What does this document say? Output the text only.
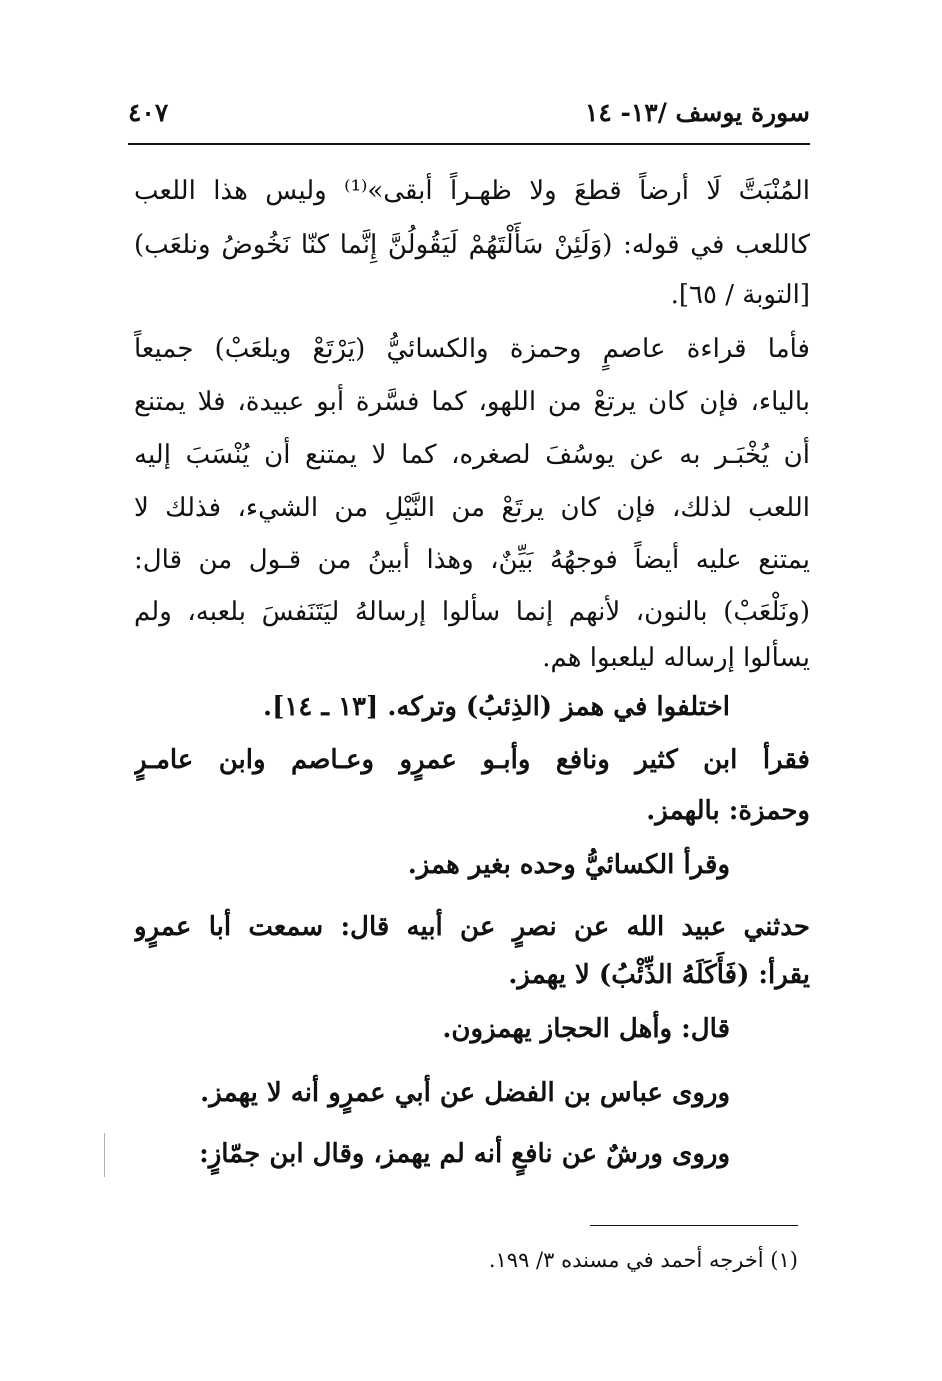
سورة يوسف /١٣- ١٤
٤٠٧
المُنْبَتَّ لَا أرضاً قطعَ ولا ظهـراً أبقى»⁽¹⁾ وليس هذا اللعب
كاللعب في قوله: (وَلَئِنْ سَأَلْتَهُمْ لَيَقُولُنَّ إِنَّما كنّا نَخُوضُ ونلعَب)
[التوبة / ٦٥].
فأما قراءة عاصمٍ وحمزة والكسائيُّ (يَرْتَعْ ويلعَبْ) جميعاً
بالياء، فإن كان يرتعْ من اللهو، كما فسَّرة أبو عبيدة، فلا يمتنع
أن يُخْبَـر به عن يوسُفَ لصغره، كما لا يمتنع أن يُنْسَبَ إليه
اللعب لذلك، فإن كان يرتَعْ من النَّيْلِ من الشيء، فذلك لا
يمتنع عليه أيضاً فوجهُهُ بَيِّنٌ، وهذا أبينُ من قـول من قال:
(ونَلْعَبْ) بالنون، لأنهم إنما سألوا إرسالهُ ليَتَنَفسَ بلعبه، ولم
يسألوا إرساله ليلعبوا هم.
اختلفوا في همز (الذِئبُ) وتركه. [١٣ ـ ١٤].
فقرأ ابن كثير ونافع وأبـو عمرٍو وعـاصم وابن عامـرٍ
وحمزة: بالهمز.
وقرأ الكسائيُّ وحده بغير همز.
حدثني عبيد الله عن نصرٍ عن أبيه قال: سمعت أبا عمرٍو
يقرأ: (فَأَكَلَهُ الذِّئْبُ) لا يهمز.
قال: وأهل الحجاز يهمزون.
وروى عباس بن الفضل عن أبي عمرٍو أنه لا يهمز.
وروى ورشٌ عن نافعٍ أنه لم يهمز، وقال ابن جمّازٍ:
(١) أخرجه أحمد في مسنده ٣/ ١٩٩.
